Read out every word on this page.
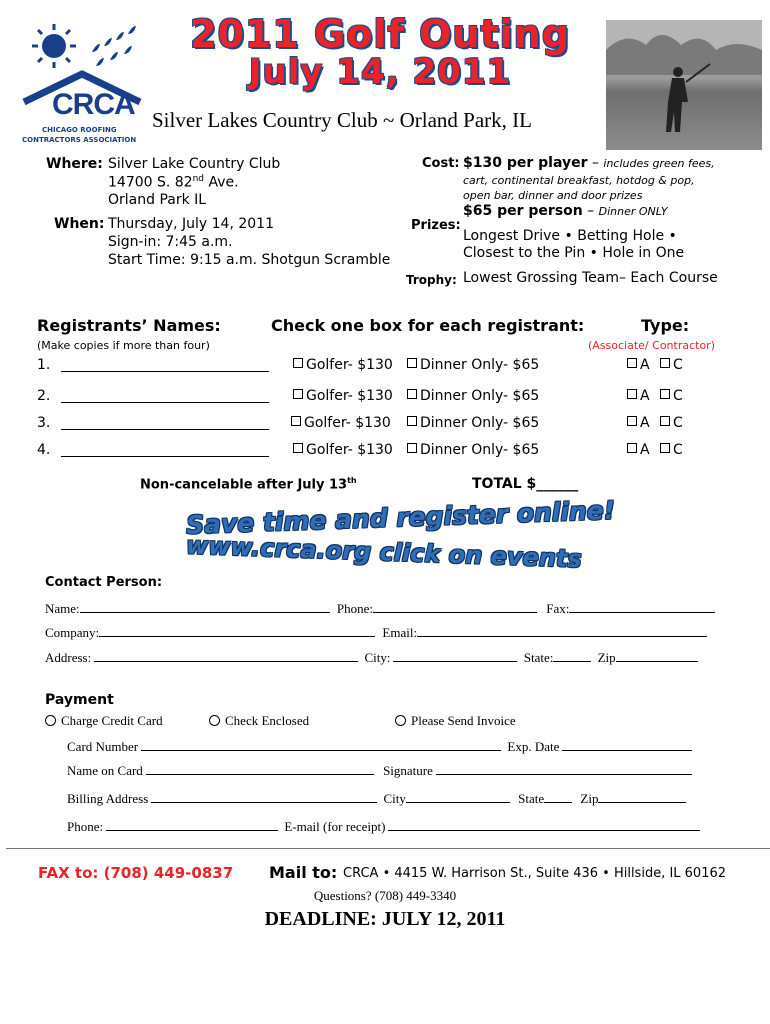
CRCA
CHICAGO ROOFING
CONTRACTORS ASSOCIATION
2011 Golf Outing
July 14, 2011
Silver Lakes Country Club ~ Orland Park, IL
Where: Silver Lake Country Club
14700 S. 82nd Ave.
Orland Park IL
When: Thursday, July 14, 2011
Sign-in: 7:45 a.m.
Start Time: 9:15 a.m. Shotgun Scramble
Cost: $130 per player – includes green fees,
cart, continental breakfast, hotdog & pop,
open bar, dinner and door prizes
$65 per person – Dinner ONLY
Prizes:
Longest Drive • Betting Hole •
Closest to the Pin • Hole in One
Trophy: Lowest Grossing Team– Each Course
Registrants’ Names:
(Make copies if more than four)
Check one box for each registrant:	Type:
(Associate/ Contractor)
1.	Golfer- $130	Dinner Only- $65	A	C
2.	Golfer- $130	Dinner Only- $65	A	C
3.	Golfer- $130	Dinner Only- $65	A	C
4.	Golfer- $130	Dinner Only- $65	A	C
Non-cancelable after July 13th	TOTAL $______
Save time and register online!
www.crca.org click on events
Contact Person:
Name:	Phone:	Fax:
Company:	Email:
Address:	City:	State:	Zip
Payment
Charge Credit Card	Check Enclosed	Please Send Invoice
Card Number	Exp. Date
Name on Card	Signature
Billing Address	City	State	Zip
Phone:	E-mail (for receipt)
FAX to: (708) 449-0837 Mail to: CRCA • 4415 W. Harrison St., Suite 436 • Hillside, IL 60162
Questions? (708) 449-3340
DEADLINE: JULY 12, 2011
